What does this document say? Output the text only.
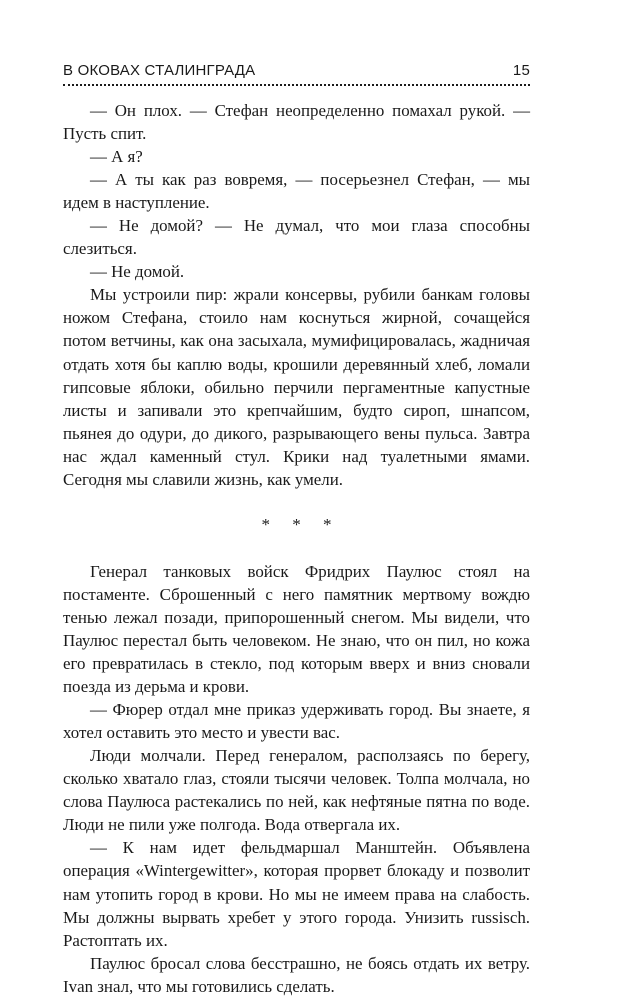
В ОКОВАХ СТАЛИНГРАДА	15

— Он плох. — Стефан неопределенно помахал рукой. — Пусть спит.

— А я?

— А ты как раз вовремя, — посерьезнел Стефан, — мы идем в наступление.

— Не домой? — Не думал, что мои глаза способны слезиться.

— Не домой.

Мы устроили пир: жрали консервы, рубили банкам головы ножом Стефана, стоило нам коснуться жирной, сочащейся потом ветчины, как она засыхала, мумифицировалась, жадничая отдать хотя бы каплю воды, крошили деревянный хлеб, ломали гипсовые яблоки, обильно перчили пергаментные капустные листы и запивали это крепчайшим, будто сироп, шнапсом, пьянея до одури, до дикого, разрывающего вены пульса. Завтра нас ждал каменный стул. Крики над туалетными ямами. Сегодня мы славили жизнь, как умели.

* * *

Генерал танковых войск Фридрих Паулюс стоял на постаменте. Сброшенный с него памятник мертвому вождю тенью лежал позади, припорошенный снегом. Мы видели, что Паулюс перестал быть человеком. Не знаю, что он пил, но кожа его превратилась в стекло, под которым вверх и вниз сновали поезда из дерьма и крови.

— Фюрер отдал мне приказ удерживать город. Вы знаете, я хотел оставить это место и увести вас.

Люди молчали. Перед генералом, расползаясь по берегу, сколько хватало глаз, стояли тысячи человек. Толпа молчала, но слова Паулюса растекались по ней, как нефтяные пятна по воде. Люди не пили уже полгода. Вода отвергала их.

— К нам идет фельдмаршал Манштейн. Объявлена операция «Wintergewitter», которая прорвет блокаду и позволит нам утопить город в крови. Но мы не имеем права на слабость. Мы должны вырвать хребет у этого города. Унизить russisch. Растоптать их.

Паулюс бросал слова бесстрашно, не боясь отдать их ветру. Ivan знал, что мы готовились сделать.
